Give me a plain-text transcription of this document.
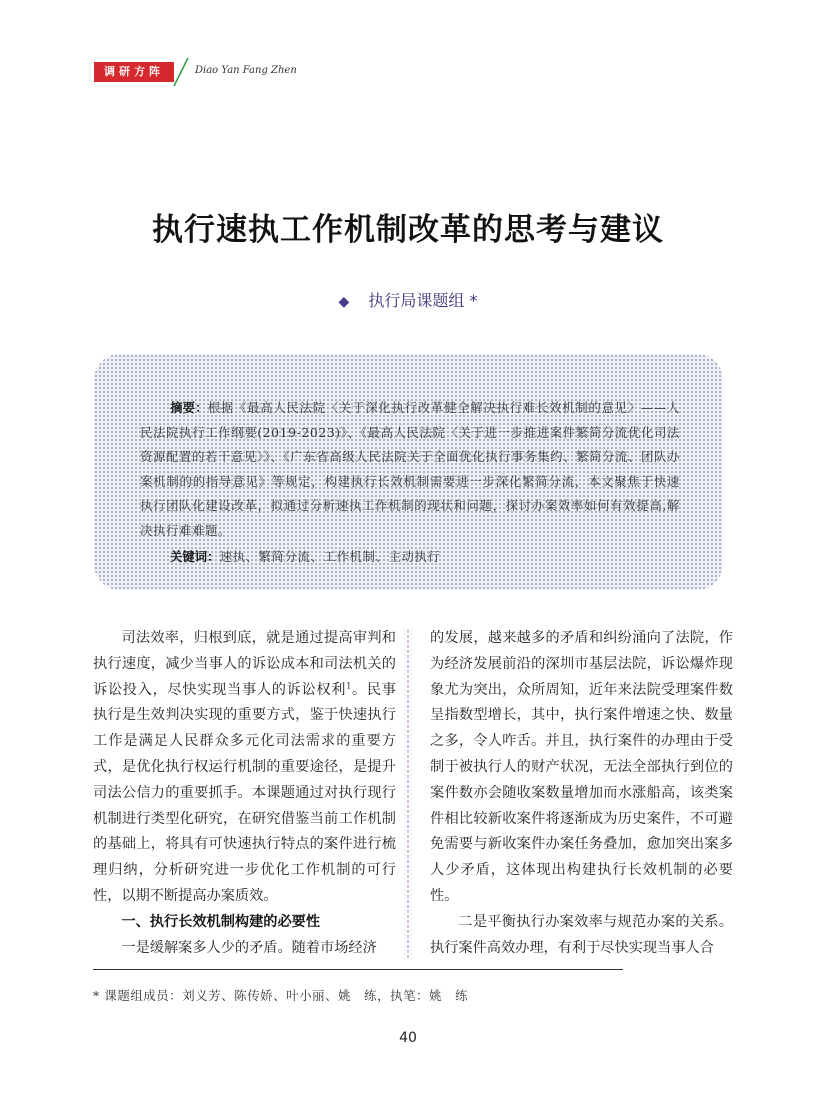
调研方阵	Diao Yan Fang Zhen
执行速执工作机制改革的思考与建议
◆ 执行局课题组 *
摘要：根据《最高人民法院〈关于深化执行改革健全解决执行难长效机制的意见〉——人民法院执行工作纲要(2019-2023)》、《最高人民法院〈关于进一步推进案件繁简分流优化司法资源配置的若干意见〉》、《广东省高级人民法院关于全面优化执行事务集约、繁简分流、团队办案机制的的指导意见》等规定，构建执行长效机制需要进一步深化繁简分流，本文聚焦于快速执行团队化建设改革，拟通过分析速执工作机制的现状和问题，探讨办案效率如何有效提高,解决执行难难题。
关键词：速执、繁简分流、工作机制、主动执行

司法效率，归根到底，就是通过提高审判和执行速度，减少当事人的诉讼成本和司法机关的诉讼投入，尽快实现当事人的诉讼权利$^1$。民事执行是生效判决实现的重要方式，鉴于快速执行工作是满足人民群众多元化司法需求的重要方式，是优化执行权运行机制的重要途径，是提升司法公信力的重要抓手。本课题通过对执行现行机制进行类型化研究，在研究借鉴当前工作机制的基础上，将具有可快速执行特点的案件进行梳理归纳，分析研究进一步优化工作机制的可行性，以期不断提高办案质效。

一、执行长效机制构建的必要性

一是缓解案多人少的矛盾。随着市场经济

的发展，越来越多的矛盾和纠纷涌向了法院，作为经济发展前沿的深圳市基层法院，诉讼爆炸现象尤为突出，众所周知，近年来法院受理案件数呈指数型增长，其中，执行案件增速之快、数量之多，令人咋舌。并且，执行案件的办理由于受制于被执行人的财产状况，无法全部执行到位的案件数亦会随收案数量增加而水涨船高，该类案件相比较新收案件将逐渐成为历史案件，不可避免需要与新收案件办案任务叠加，愈加突出案多人少矛盾，这体现出构建执行长效机制的必要性。

二是平衡执行办案效率与规范办案的关系。执行案件高效办理，有利于尽快实现当事人合

* 课题组成员：刘义芳、陈传娇、叶小丽、姚　练，执笔：姚　练
40
